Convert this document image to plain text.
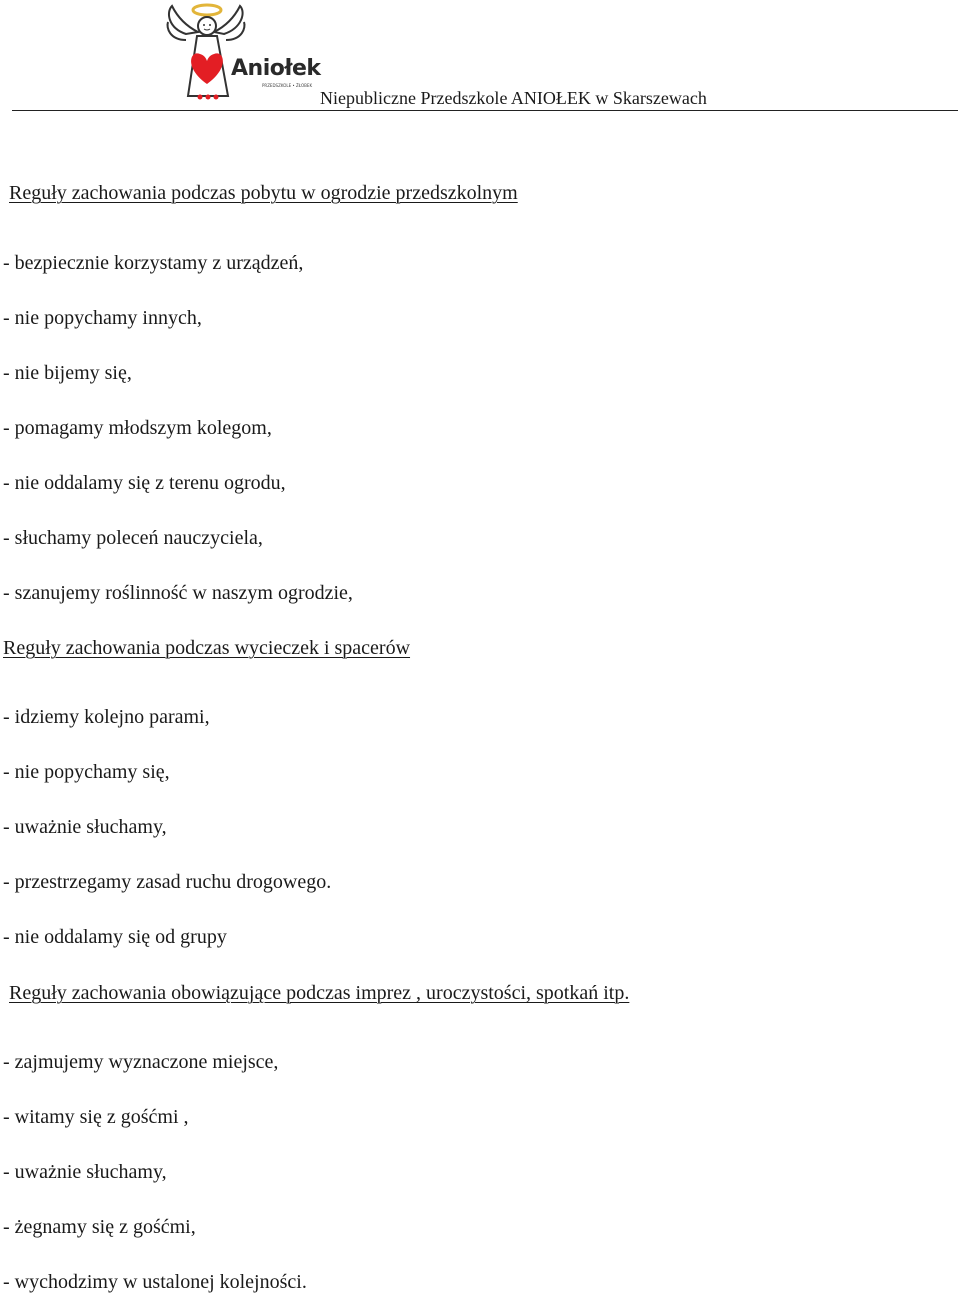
Aniołek
PRZEDSZKOLE • ŻŁOBEK
Niepubliczne Przedszkole ANIOŁEK w Skarszewach
Reguły zachowania podczas pobytu w ogrodzie przedszkolnym
- bezpiecznie korzystamy z urządzeń,
- nie popychamy innych,
- nie bijemy się,
- pomagamy młodszym kolegom,
- nie oddalamy się z terenu ogrodu,
- słuchamy poleceń nauczyciela,
- szanujemy roślinność w naszym ogrodzie,
Reguły zachowania podczas wycieczek i spacerów
- idziemy kolejno parami,
- nie popychamy się,
- uważnie słuchamy,
- przestrzegamy zasad ruchu drogowego.
- nie oddalamy się od grupy
Reguły zachowania obowiązujące podczas imprez , uroczystości, spotkań itp.
- zajmujemy wyznaczone miejsce,
- witamy się z gośćmi ,
- uważnie słuchamy,
- żegnamy się z gośćmi,
- wychodzimy w ustalonej kolejności.
